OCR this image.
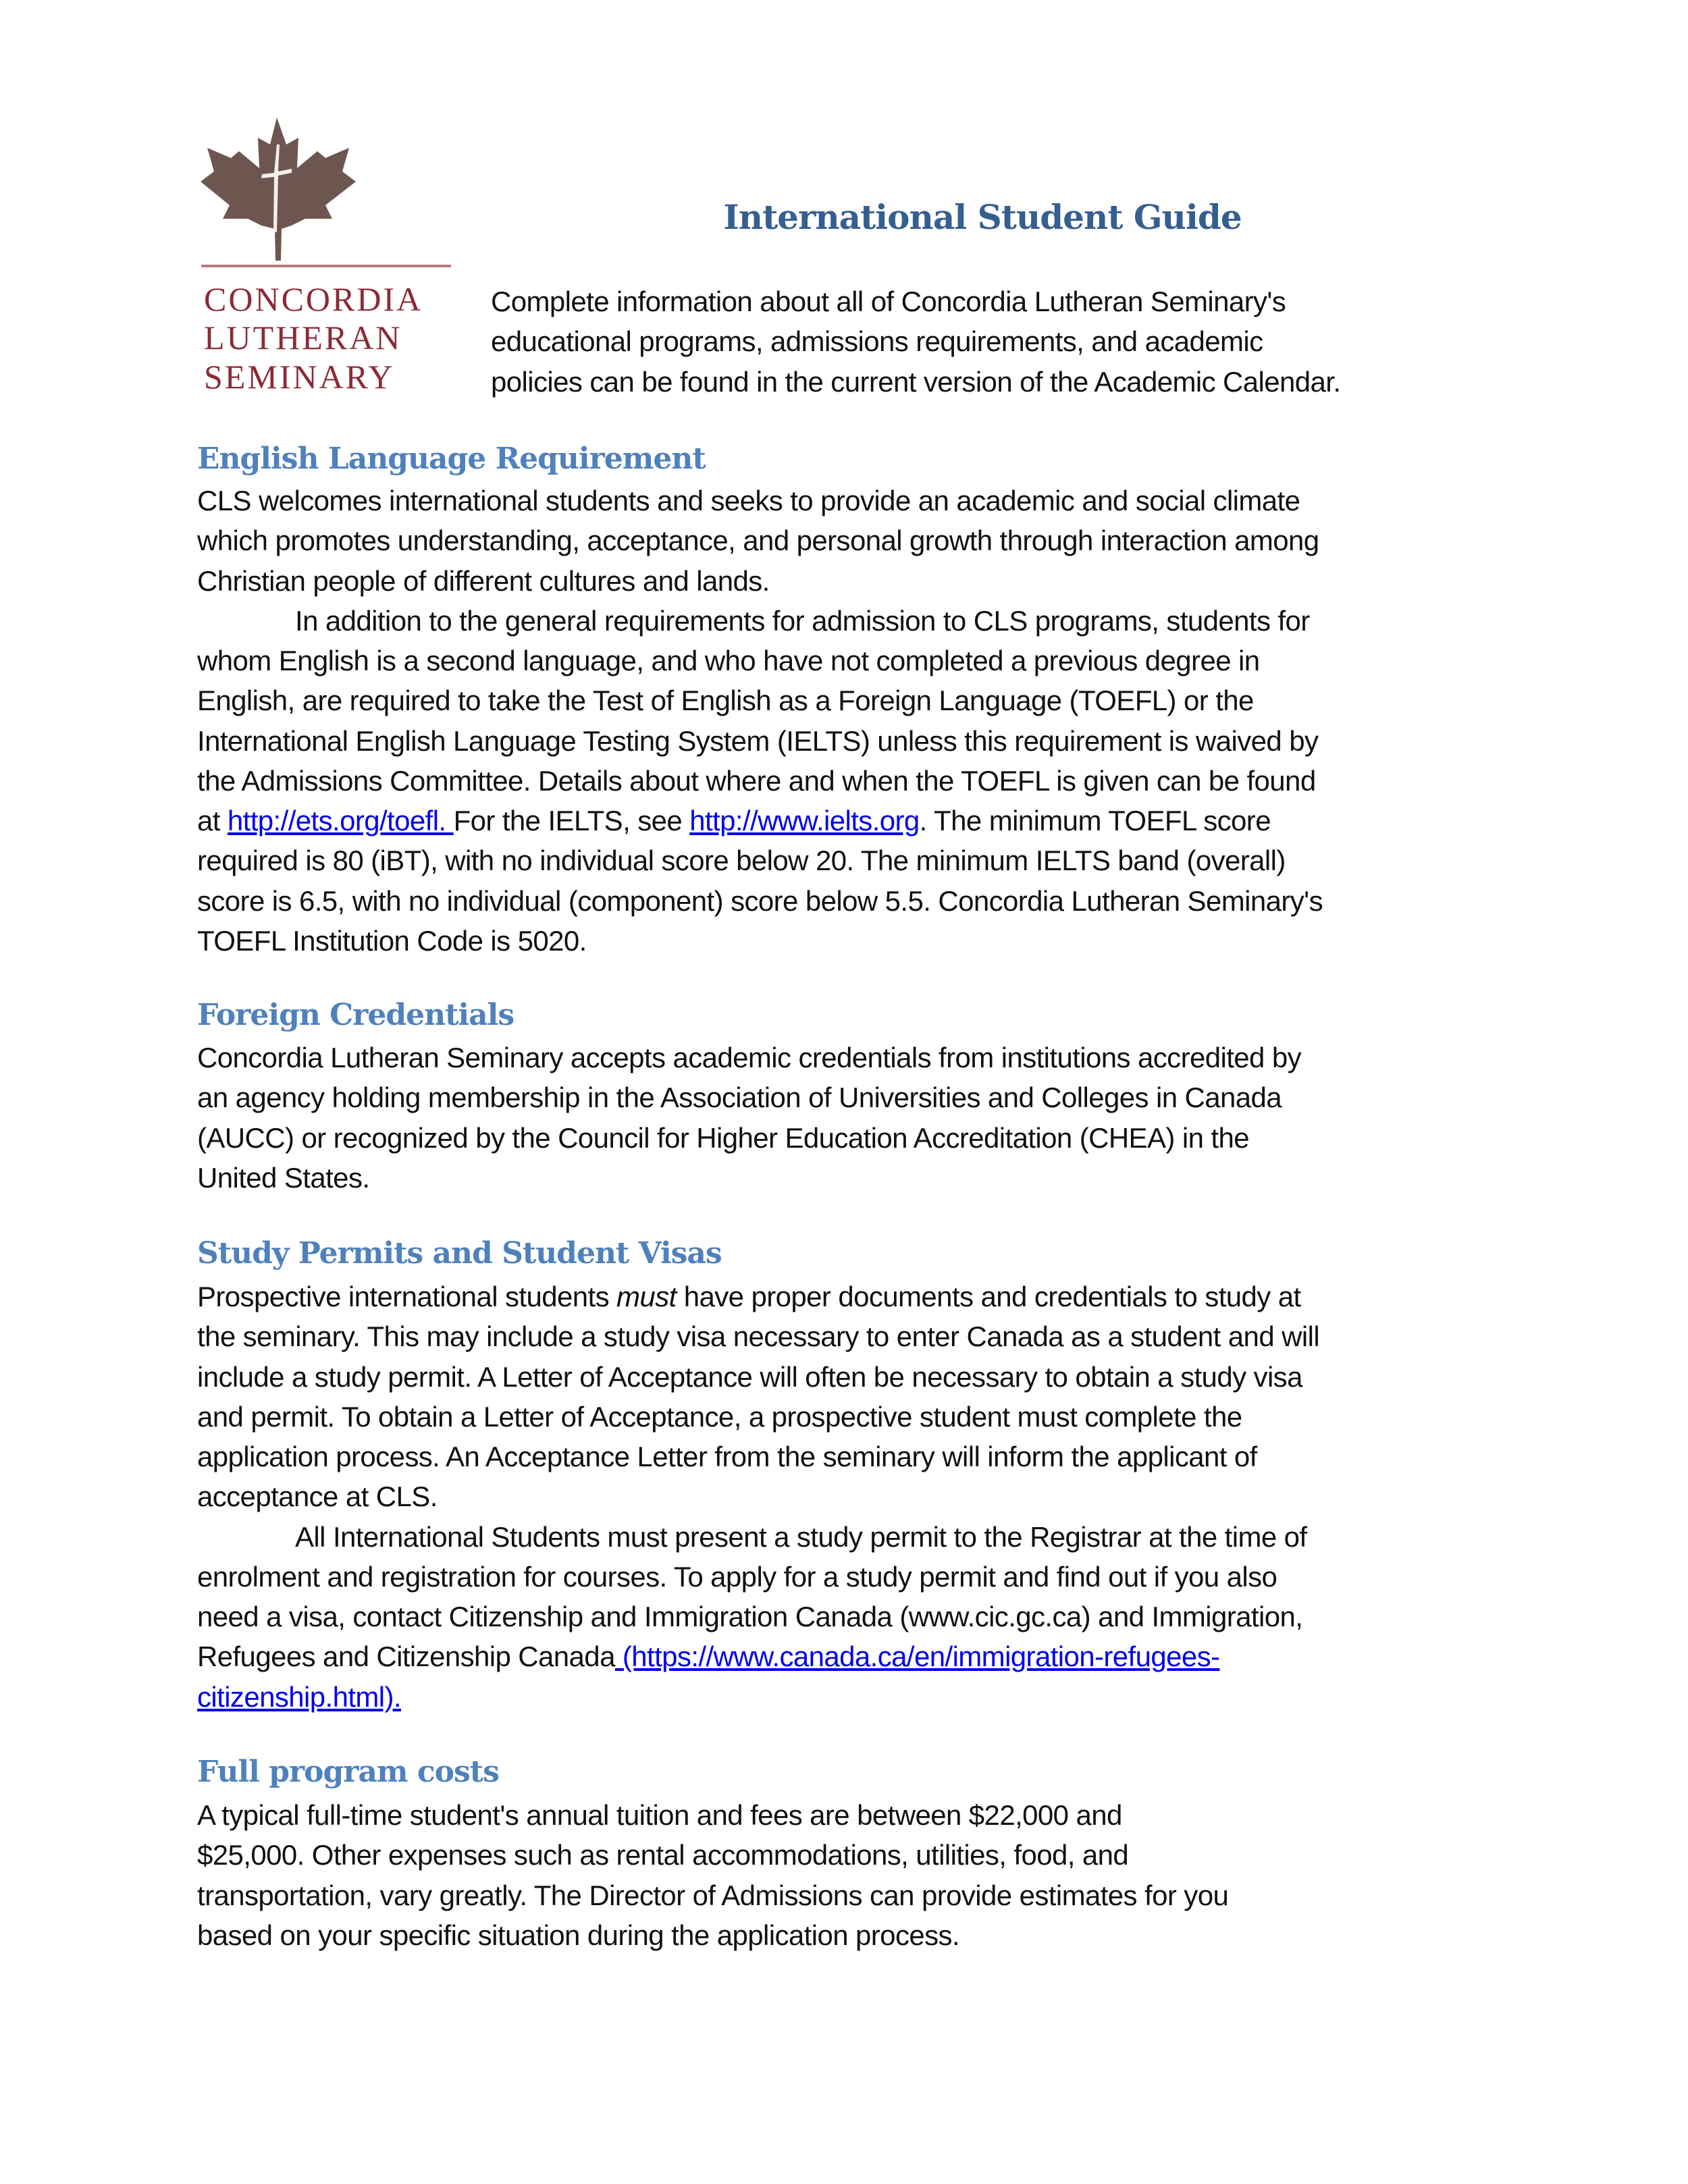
CONCORDIA
LUTHERAN
SEMINARY
International Student Guide
Complete information about all of Concordia Lutheran Seminary's
educational programs, admissions requirements, and academic
policies can be found in the current version of the Academic Calendar.
English Language Requirement
CLS welcomes international students and seeks to provide an academic and social climate
which promotes understanding, acceptance, and personal growth through interaction among
Christian people of different cultures and lands.
In addition to the general requirements for admission to CLS programs, students for
whom English is a second language, and who have not completed a previous degree in
English, are required to take the Test of English as a Foreign Language (TOEFL) or the
International English Language Testing System (IELTS) unless this requirement is waived by
the Admissions Committee. Details about where and when the TOEFL is given can be found
at http://ets.org/toefl. For the IELTS, see http://www.ielts.org. The minimum TOEFL score
required is 80 (iBT), with no individual score below 20. The minimum IELTS band (overall)
score is 6.5, with no individual (component) score below 5.5. Concordia Lutheran Seminary's
TOEFL Institution Code is 5020.
Foreign Credentials
Concordia Lutheran Seminary accepts academic credentials from institutions accredited by
an agency holding membership in the Association of Universities and Colleges in Canada
(AUCC) or recognized by the Council for Higher Education Accreditation (CHEA) in the
United States.
Study Permits and Student Visas
Prospective international students must have proper documents and credentials to study at
the seminary. This may include a study visa necessary to enter Canada as a student and will
include a study permit. A Letter of Acceptance will often be necessary to obtain a study visa
and permit. To obtain a Letter of Acceptance, a prospective student must complete the
application process. An Acceptance Letter from the seminary will inform the applicant of
acceptance at CLS.
All International Students must present a study permit to the Registrar at the time of
enrolment and registration for courses. To apply for a study permit and find out if you also
need a visa, contact Citizenship and Immigration Canada (www.cic.gc.ca) and Immigration,
Refugees and Citizenship Canada (https://www.canada.ca/en/immigration-refugees-
citizenship.html).
Full program costs
A typical full-time student's annual tuition and fees are between $22,000 and
$25,000. Other expenses such as rental accommodations, utilities, food, and
transportation, vary greatly. The Director of Admissions can provide estimates for you
based on your specific situation during the application process.
